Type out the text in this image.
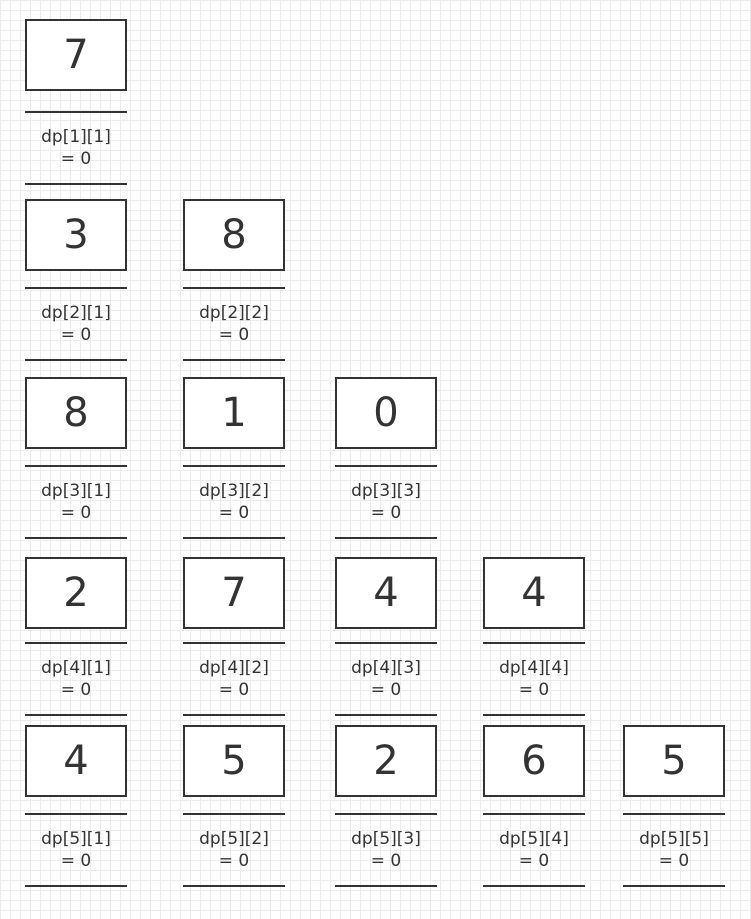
7
dp[1][1]
= 0
3
dp[2][1]
= 0
8
dp[2][2]
= 0
8
dp[3][1]
= 0
1
dp[3][2]
= 0
0
dp[3][3]
= 0
2
dp[4][1]
= 0
7
dp[4][2]
= 0
4
dp[4][3]
= 0
4
dp[4][4]
= 0
4
dp[5][1]
= 0
5
dp[5][2]
= 0
2
dp[5][3]
= 0
6
dp[5][4]
= 0
5
dp[5][5]
= 0
